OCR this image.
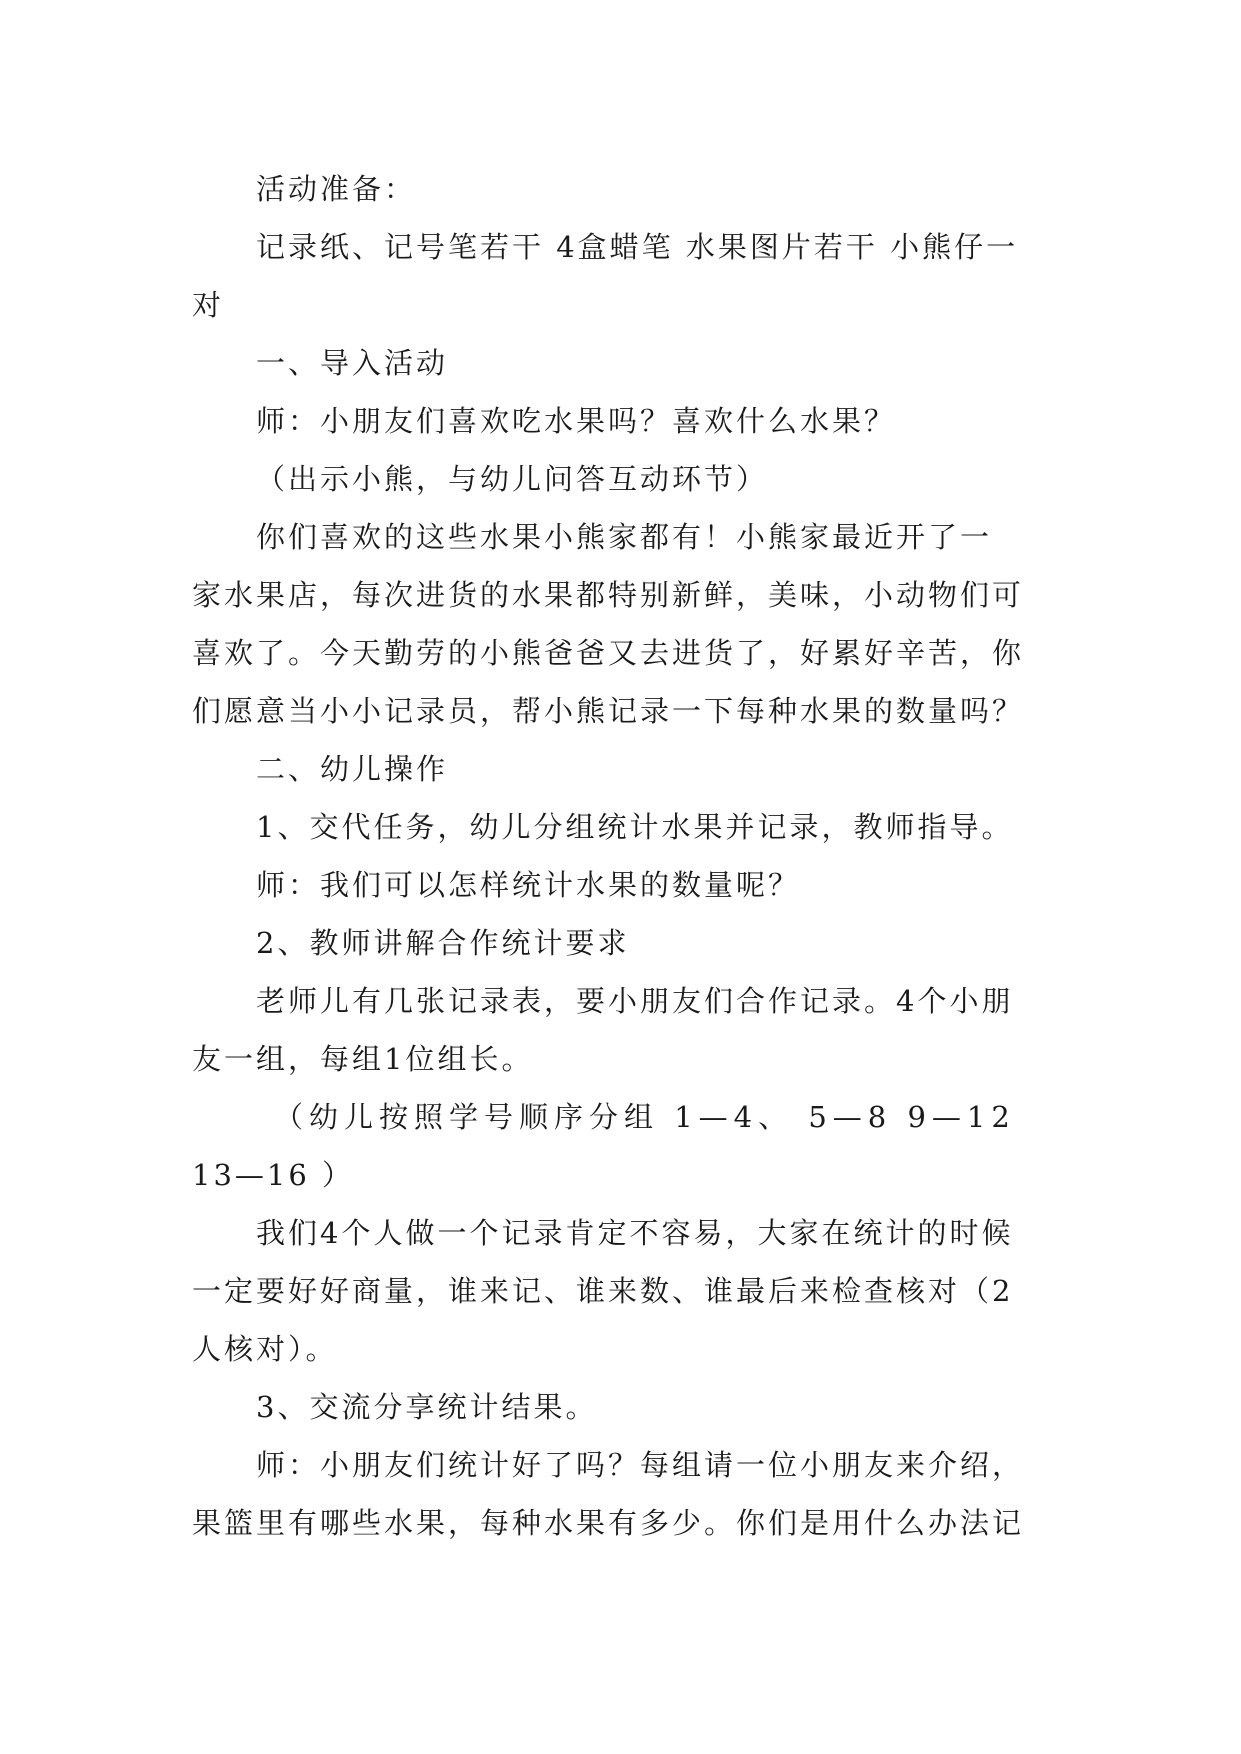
活动准备：
记录纸、记号笔若干 4盒蜡笔 水果图片若干 小熊仔一
对
一、导入活动
师：小朋友们喜欢吃水果吗？喜欢什么水果？
（出示小熊，与幼儿问答互动环节）
你们喜欢的这些水果小熊家都有！小熊家最近开了一
家水果店，每次进货的水果都特别新鲜，美味，小动物们可
喜欢了。今天勤劳的小熊爸爸又去进货了，好累好辛苦，你
们愿意当小小记录员，帮小熊记录一下每种水果的数量吗？
二、幼儿操作
1、交代任务，幼儿分组统计水果并记录，教师指导。
师：我们可以怎样统计水果的数量呢？
2、教师讲解合作统计要求
老师儿有几张记录表，要小朋友们合作记录。4个小朋
友一组，每组1位组长。
（幼儿按照学号顺序分组 1—4、 5—8 9—12
13—16 ）
我们4个人做一个记录肯定不容易，大家在统计的时候
一定要好好商量，谁来记、谁来数、谁最后来检查核对（2
人核对）。
3、交流分享统计结果。
师：小朋友们统计好了吗？每组请一位小朋友来介绍，
果篮里有哪些水果，每种水果有多少。你们是用什么办法记
